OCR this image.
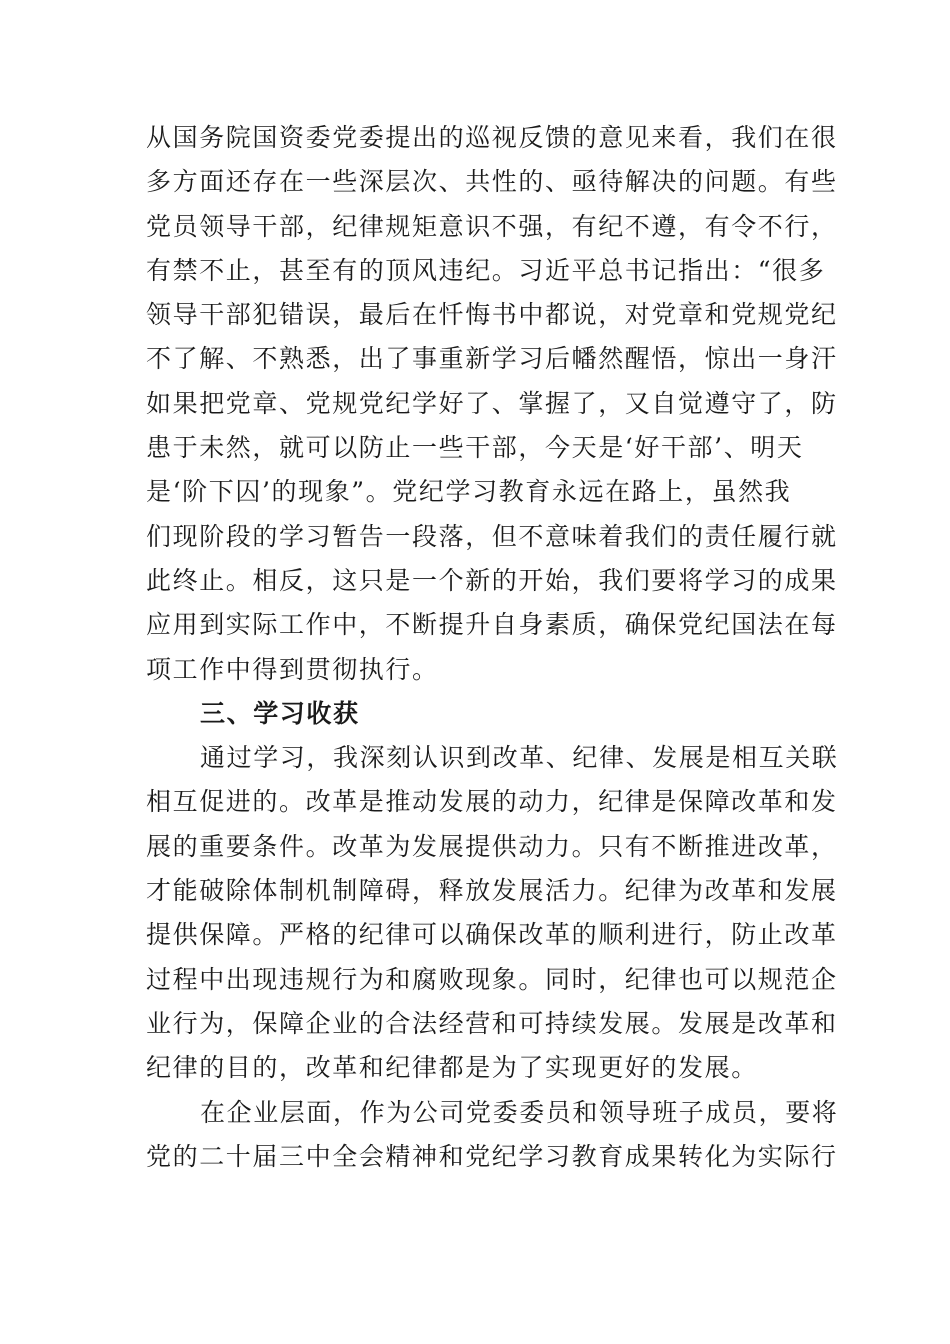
从国务院国资委党委提出的巡视反馈的意见来看，我们在很
多方面还存在一些深层次、共性的、亟待解决的问题。有些
党员领导干部，纪律规矩意识不强，有纪不遵，有令不行，
有禁不止，甚至有的顶风违纪。习近平总书记指出：“很多
领导干部犯错误，最后在忏悔书中都说，对党章和党规党纪
不了解、不熟悉，出了事重新学习后幡然醒悟，惊出一身汗
如果把党章、党规党纪学好了、掌握了，又自觉遵守了，防
患于未然，就可以防止一些干部，今天是‘好干部’、明天
是‘阶下囚’的现象”。党纪学习教育永远在路上，虽然我
们现阶段的学习暂告一段落，但不意味着我们的责任履行就
此终止。相反，这只是一个新的开始，我们要将学习的成果
应用到实际工作中，不断提升自身素质，确保党纪国法在每
项工作中得到贯彻执行。
三、学习收获
通过学习，我深刻认识到改革、纪律、发展是相互关联
相互促进的。改革是推动发展的动力，纪律是保障改革和发
展的重要条件。改革为发展提供动力。只有不断推进改革，
才能破除体制机制障碍，释放发展活力。纪律为改革和发展
提供保障。严格的纪律可以确保改革的顺利进行，防止改革
过程中出现违规行为和腐败现象。同时，纪律也可以规范企
业行为，保障企业的合法经营和可持续发展。发展是改革和
纪律的目的，改革和纪律都是为了实现更好的发展。
在企业层面，作为公司党委委员和领导班子成员，要将
党的二十届三中全会精神和党纪学习教育成果转化为实际行
